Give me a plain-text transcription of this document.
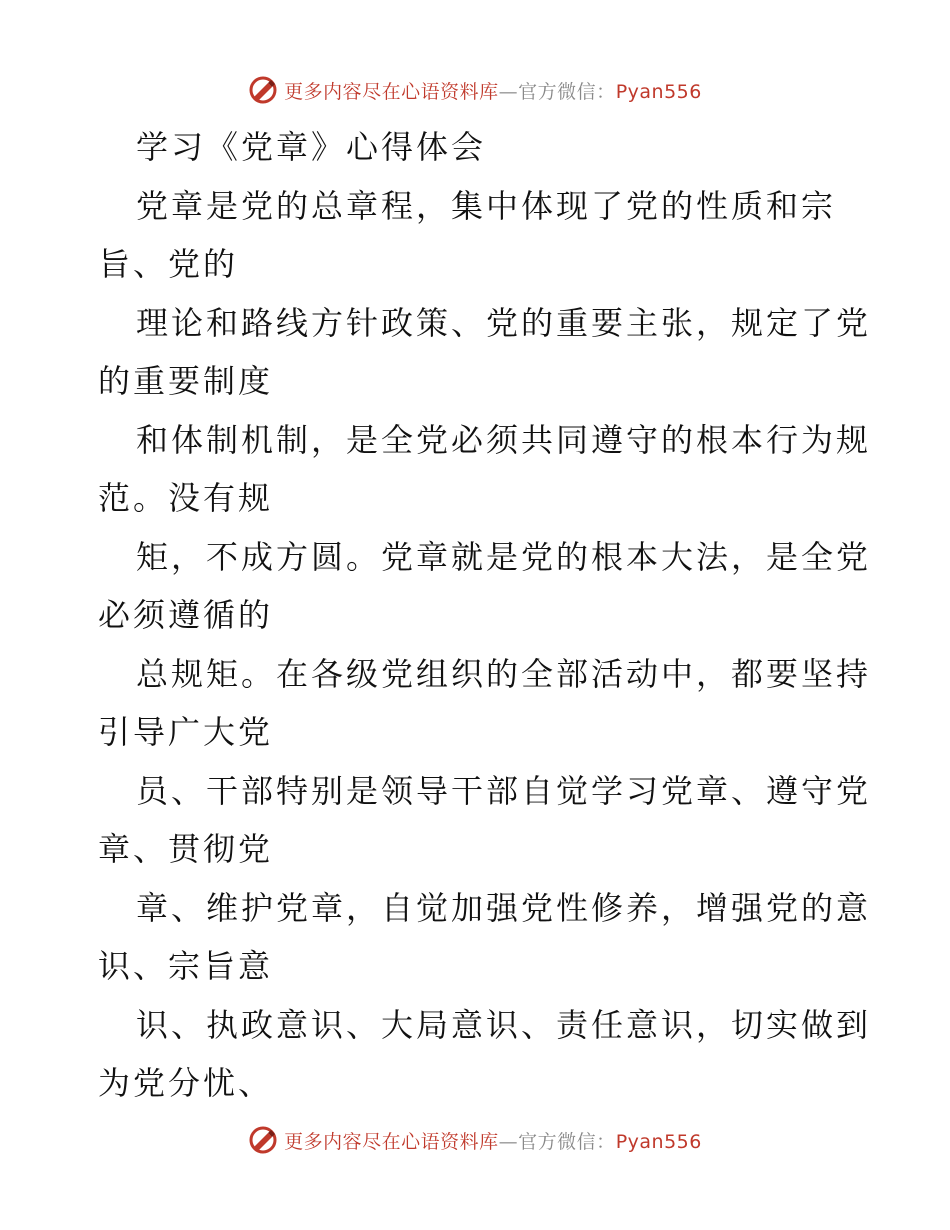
更多内容尽在心语资料库—官方微信：Pyan556
学习《党章》心得体会
党章是党的总章程，集中体现了党的性质和宗
旨、党的
理论和路线方针政策、党的重要主张，规定了党
的重要制度
和体制机制，是全党必须共同遵守的根本行为规
范。没有规
矩，不成方圆。党章就是党的根本大法，是全党
必须遵循的
总规矩。在各级党组织的全部活动中，都要坚持
引导广大党
员、干部特别是领导干部自觉学习党章、遵守党
章、贯彻党
章、维护党章，自觉加强党性修养，增强党的意
识、宗旨意
识、执政意识、大局意识、责任意识，切实做到
为党分忧、
更多内容尽在心语资料库—官方微信：Pyan556
